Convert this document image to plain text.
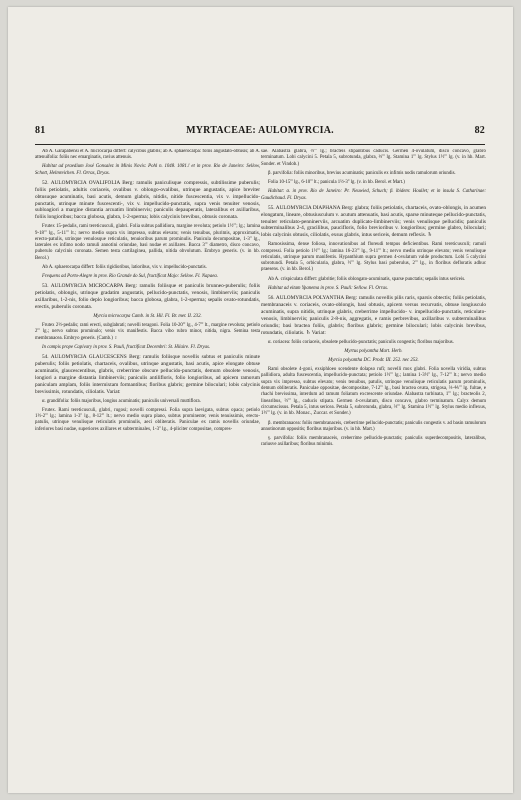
81	MYRTACEAE: AULOMYRCIA.	82

Ab A. Garapabensi et A. microcarpa differt: calycibus glabris; ab A. sphaerocarpa: foliis angustato-obtusis; ab A. attenuifolia: foliis nec emarginatis, ravius attenuis.

Habitat ad praedium José Gonsalez in Minis Novis: Pohl n. 1048. 1081.! et in prov. Rio de Janeiro: Sellow, Schott, Helmreichen. Fl. Orras, Dryas.

52. AULOMYRCIA OVALIFOLIA Berg: ramulis paniculisque compressis, subtilissime puberulis; foliis petiolatis, adultis coriaceis, ovalibus v. oblongo-ovalibus, utrinque angustatis, apice breviter obtusuque acuminatis, basi acutis, demum glabris, nitidis, nitide fuscescentia, vix v. impellucido-punctatis, utrinque minute fuscescenti-, vix v. impellucido-punctatis, supra venis tenuiter venosis, subloagiori a margine distantia arcuatim limbinervis; paniculis depauperatis, lateralibus et axillaribus, foliis longioribus; bacca globosa, glabra, 1-2-sperma; lobis calycinis brevibus, obtusis coronata.

Frutex 15-pedalis, rami tereticusculi, glabri. Folia subtus pallidiora, margine revoluta; petiolo 1½'''; lg.; lamina 9-18''' lg., 5-11''' lt.; nervo medio supra vix impresso, subtus elevato; venis tenuibus, plurimis, approximatis, erecto-patulis, utrinque venulosque reticulatis, tenuioribus parum prominulis. Panicula decompositae, 1-3'' lg., laterales ex infimo nodo ramuli annotini oriundae, basi nudae et axillares. Bacca 3''' diametro, disco concavo, puberulo calycinis coronata. Semen testa cartilaginea, pallida, nitida obvolutum. Embryo generis. (v. in hb. Berol.)

Ab A. sphaerocarpa differt: foliis rigidioribus, latioribus, vix v. impellucido-punctatis.

Frequens ad Porto-Alegre in prov. Rio Grande do Sul, fructificat Majo: Sellow. Fl. Napaea.

53. AULOMYRCIA MICROCARPA Berg: ramulis foliisque et paniculis brunneo-puberulis; foliis petiolatis, oblongis, utrinque gradatim angustatis, pellucido-punctatis, venosis, limbinerviis; paniculis axillaribus, 1-2-nis, folio deplo longioribus; bacca globosa, glabra, 1-2-sperma; sepalis ovato-rotundatis, erectis, puberulis coronata.

Myrcia microcarpa Camb. in St. Hil. Fl. Br. mer. II. 232.

Frutex 2½-pedalis; rami erecti, subglabrati; novelli teragoni. Folia 10-20''' lg., 4-7''' lt., margine revoluta; petiolo 2''' lg.; nervo subtus prominulo; venis vix manifestis. Bacca vibo rubro minor, nitida, nigra. Semina testa membranacea. Embryo generis. (Camb.) ♀

In campis prope Capivary in prov. S. Pauli, fructificat Decembri: St. Hilaire. Fl. Dryas.

54. AULOMYRCIA GLAUCESCENS Berg: ramulis foliisque novellis subtus et paniculis minute puberulis; foliis petiolatis, chartaceis, ovalibus, utrinque angustatis, basi acutis, apice elongate obtuse acuminatis, glaucescentibus, glabris, creberrime obscure pellucido-punctatis, demum obsolete venosis, longiori a margine distantia limbinerviis; paniculis antilifloris, folio longioribus, ad apicem ramorum paniculam amplam, foliis intermixtam formantibus; floribus glabris; germine biloculari; lobis calycinis brevissimis, rotundatis, ciliolatis. Variat:

α. grandifolia: foliis majoribus, longius acuminatis; paniculis universali muttiflora.

Frutex. Rami tereticusculi, glabri, rugosi; novelli compressi. Folia supra laevigata, subtus opaca; petiolo 1½-2''' lg.; lamina 1-3'' lg., 8-12''' lt.; nervo medio supra plano, subtus prominente; venis tenuissimis, erecto-patulis, utrinque venulisque reticulatis prominulis, aeci obliteratis. Paniculae ex ramis novellis oriundae, inferiores basi nudae, superiores axillares et subterminales, 1-3'' lg., 4-pliciter compositae, compres-

sae. Alabastra glabra, ⅔''' lg.; bracteis stipantibus caducis. Germen 4-ovulatum, disco concavo, glabro terminatum. Lobi calycini 5. Petala 5, subrotunda, glabra, ⅓''' lg. Stamina 1''' lg. Stylus 1½''' lg. (v. in hb. Mart. Sonder. et Vindob.)

β. parvifolia: foliis minoribus, brevius acuminatis; paniculis ex infimis nodis ramulorum oriundis.

Folia 10-15''' lg., 6-10''' lt.; panicula 1½-3'' lg. (v. in hb. Berol. et Mart.)

Habitat: α. in prov. Rio de Janeiro: Pr. Neuwied, Schuch; β. ibidem: Houllet; et in insula S. Catharinae: Gaudichaud. Fl. Dryas.

55. AULOMYRCIA DIAPHANA Berg: glabra; foliis petiolatis, chartaceis, ovato-oblongis, in acumen elongatum, lineare, obtusiusculum v. acutum attenuatis, basi acutis, sparse minuteque pellucido-punctatis, tenuiter reticulato-penninerviis, arcuatim duplicato-limbinerviis; venis venulisque pellucidis; paniculis subterminalibus 2-4, gracilibus, paucifloris, folio brevioribus v. longioribus; germine glabro, biloculari; lobis calycinis obtusis, ciliolatis, exsus glabris, intus sericeis, demum reflexis. ♄

Ramosissima, dense foliosa, innovationibus ad floreudi tempus deficientibus. Rami tereticusculi; ramuli compressi. Folia petiolo 1½''' lg.; lamina 16-23''' lg., 9-11''' lt.; nervo medio utrinque elevato; venis venulisque reticulatis, utrinque parum manifestis. Hypanthium supra germen 4-ovulatum valde productum. Lobi 5 calycini subrotundi. Petala 5, orbicularia, glabra, ½''' lg. Stylus basi puberulus, 2''' lg., in floribus defloratis adhuc praesens. (v. in hb. Berol.)

Ab A. crispiculata differt: glabritie; foliis oblongato-acuminatis, sparse punctatis; sepalis intus sericeis.

Habitat ad eitam Ypanema in prov. S. Pauli: Sellow. Fl. Orras.

56. AULOMYRCIA POLYANTHA Berg: ramulis novellis pilis raris, sparsis obtectis; foliis petiolatis, membranaceis v. coriaceis, ovato-oblongis, basi obtusis, apicem versus recurvatis, obtuse longiusculo acuminatis, supra nitidis, utrinque glabris, creberrime impellucido- v. impellucido-punctatis, reticulato-venosis, limbinerviis; paniculis 2-8-nis, aggregatis, e ramis perbrevibus, axillaribus v. subterminalibus oriundis; basi bractea foliis, glabris; floribus glabris; germine biloculari; lobis calycinis brevibus, rotundatis, ciliolatis. ♄ Variat:

α. coriacea: foliis coriaceis, obsolete pellucido-punctatis; paniculis congestis; floribus majoribus.

Myrtus polyantha Mart. Herb.

Myrcia polyantha DC. Prodr. III. 252. nec 253.

Rami obsolete 4-goni, exsiphloeo scendente dolapso rufi; novelli mox glabri. Folia novella viridia, subtus pallidiora, adulta fuscescentia, impellucido-punctata; petiolo 1½''' lg.; lamina 1-3½'' lg., 7-12''' lt.; nervo medio supra vix impresso, subtus elevato; venis tenuibus, patulis, utrinque venulisque reticulatis parum prominulis, demum obliteratis. Paniculae oppositae, decompositae, 7-12''' lg., basi bractea ovata, strigosa, ⅔-⅘''' lg. fultae, e rhachi brevissima, interdum ad ramum foliatum excrescente oriundae. Alabastra turbinata, 1''' lg.; bracteolis 2, linearibus, ⅔''' lg., caducis stipata. Germen 4-ovulatum, disco concavo, glabro terminatum. Calyx demum circumscissus. Petala 5, intus sericea. Petala 5, subrotunda, glabra, ⅔''' lg. Stamina 1½''' lg. Stylus medio inflexus, 1½''' lg. (v. in hb. Monac., Zuccar. et Sonder.)

β. membranacea: foliis membranaceis, creberrime pellucido-punctatis; paniculis congestis v. ad basin ramulorum annotinorum oppositis; floribus majoribus. (v. in hb. Mart.)

γ. parvifolia: foliis membranaceis, creberrime pellucido-punctatis; paniculis superdecompositis, lateralibus, rariusve axillaribus; floribus minimis.
